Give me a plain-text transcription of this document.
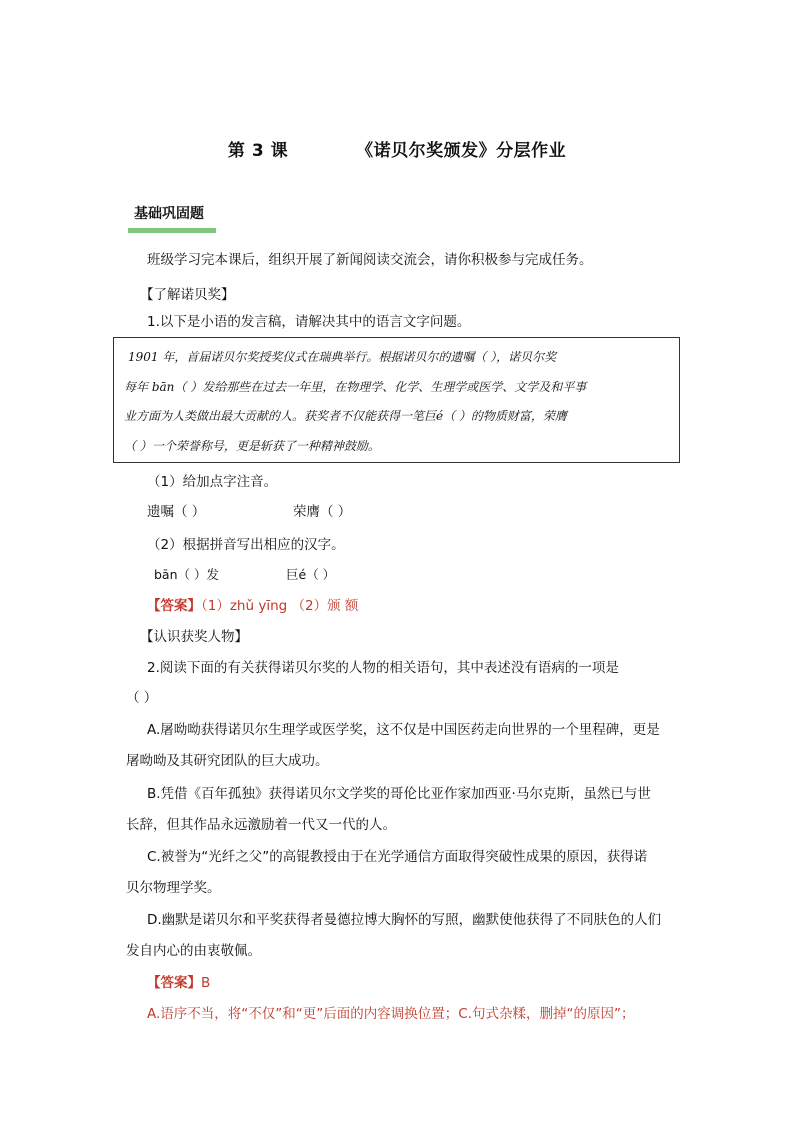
第 3 课	《诺贝尔奖颁发》分层作业
基础巩固题
班级学习完本课后，组织开展了新闻阅读交流会，请你积极参与完成任务。
【了解诺贝奖】
1.以下是小语的发言稿，请解决其中的语言文字问题。
1901 年，首届诺贝尔奖授奖仪式在瑞典举行。根据诺贝尔的遗嘱（ ），诺贝尔奖
每年 bān（ ）发给那些在过去一年里，在物理学、化学、生理学或医学、文学及和平事
业方面为人类做出最大贡献的人。获奖者不仅能获得一笔巨é（ ）的物质财富，荣膺
（ ）一个荣誉称号，更是斩获了一种精神鼓励。
（1）给加点字注音。
遗嘱（ ）	荣膺（ ）
（2）根据拼音写出相应的汉字。
bān（ ）发	巨é（ ）
【答案】（1）zhǔ yīng （2）颁 额
【认识获奖人物】
2.阅读下面的有关获得诺贝尔奖的人物的相关语句，其中表述没有语病的一项是
（ ）
A.屠呦呦获得诺贝尔生理学或医学奖，这不仅是中国医药走向世界的一个里程碑，更是
屠呦呦及其研究团队的巨大成功。
B.凭借《百年孤独》获得诺贝尔文学奖的哥伦比亚作家加西亚·马尔克斯，虽然已与世
长辞，但其作品永远激励着一代又一代的人。
C.被誉为“光纤之父”的高锟教授由于在光学通信方面取得突破性成果的原因，获得诺
贝尔物理学奖。
D.幽默是诺贝尔和平奖获得者曼德拉博大胸怀的写照，幽默使他获得了不同肤色的人们
发自内心的由衷敬佩。
【答案】B
A.语序不当，将“不仅”和“更”后面的内容调换位置；C.句式杂糅，删掉“的原因”；
